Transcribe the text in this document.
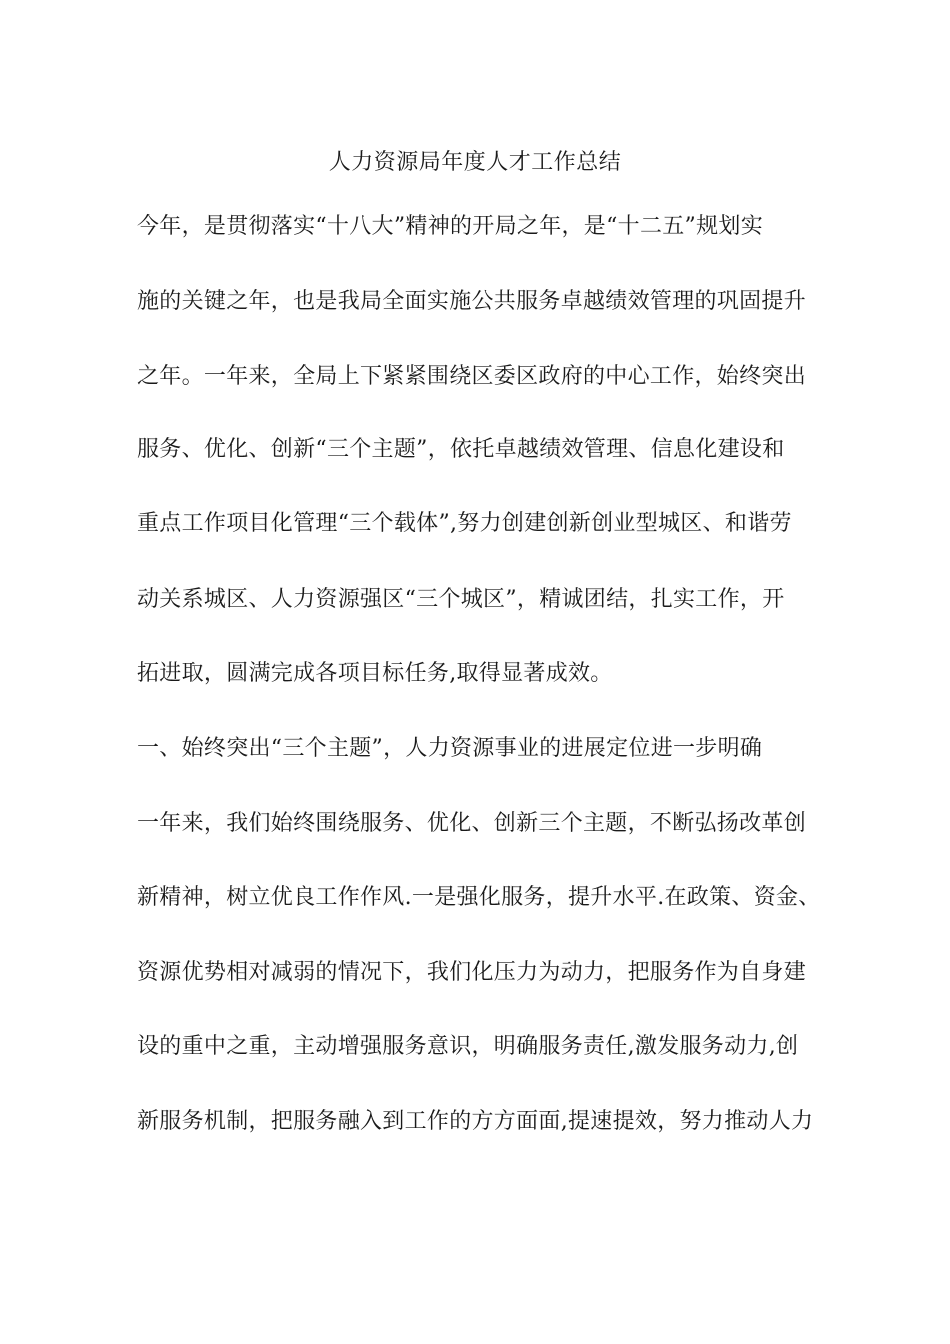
人力资源局年度人才工作总结
今年，是贯彻落实“十八大”精神的开局之年，是“十二五”规划实
施的关键之年，也是我局全面实施公共服务卓越绩效管理的巩固提升
之年。一年来，全局上下紧紧围绕区委区政府的中心工作，始终突出
服务、优化、创新“三个主题”，依托卓越绩效管理、信息化建设和
重点工作项目化管理“三个载体”,努力创建创新创业型城区、和谐劳
动关系城区、人力资源强区“三个城区”，精诚团结，扎实工作，开
拓进取，圆满完成各项目标任务,取得显著成效。
一、始终突出“三个主题”，人力资源事业的进展定位进一步明确
一年来，我们始终围绕服务、优化、创新三个主题，不断弘扬改革创
新精神，树立优良工作作风.一是强化服务，提升水平.在政策、资金、
资源优势相对减弱的情况下，我们化压力为动力，把服务作为自身建
设的重中之重，主动增强服务意识，明确服务责任,激发服务动力,创
新服务机制，把服务融入到工作的方方面面,提速提效，努力推动人力
